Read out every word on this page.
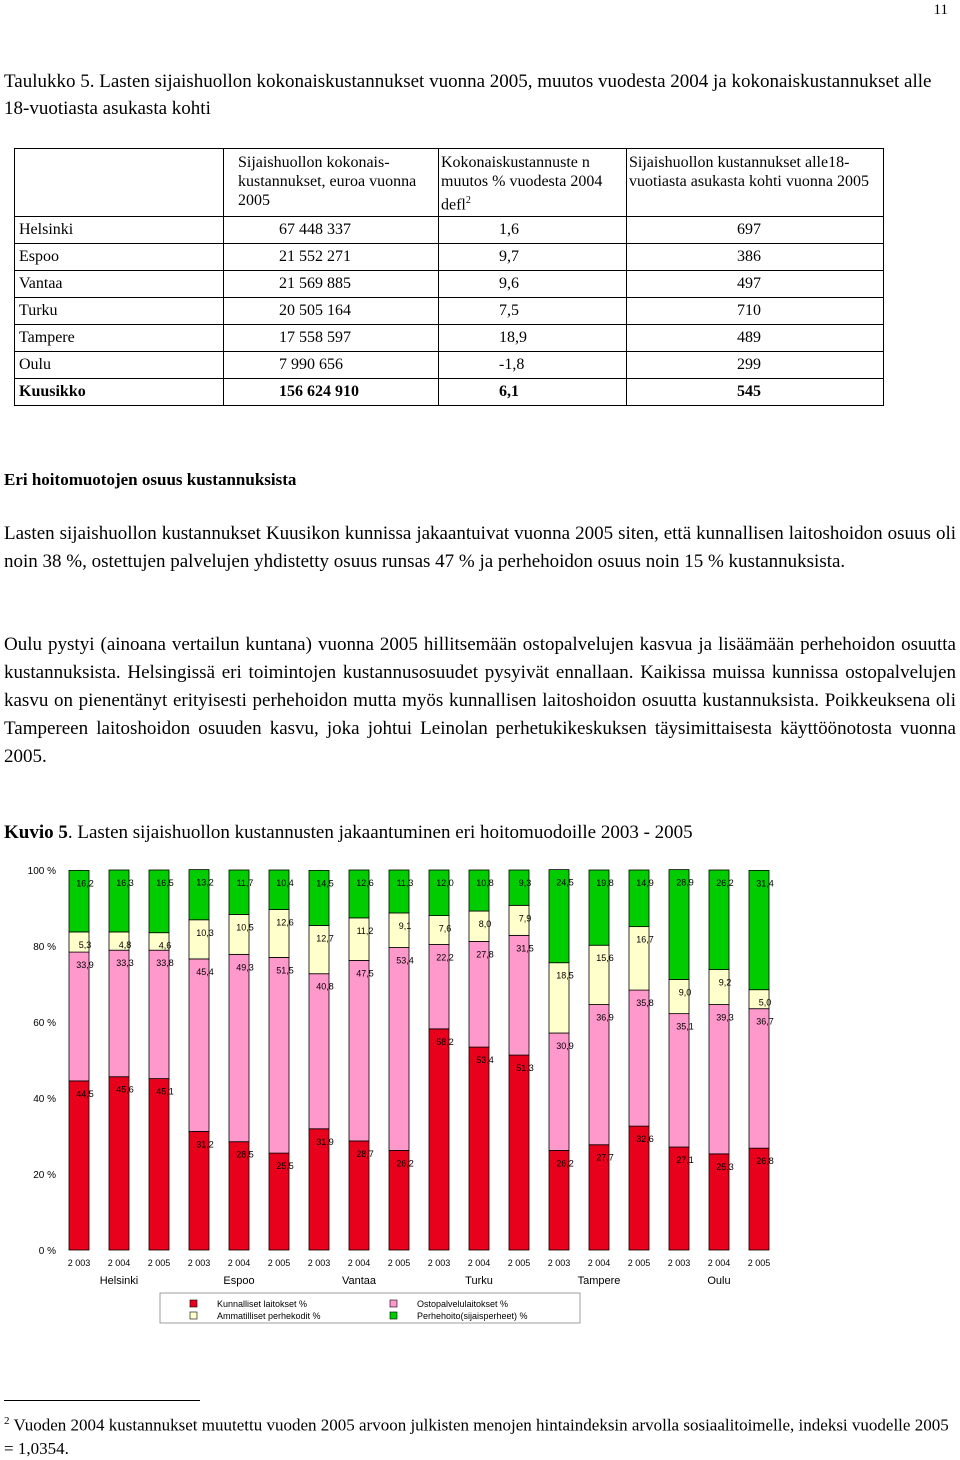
11
Taulukko 5. Lasten sijaishuollon kokonaiskustannukset vuonna 2005, muutos vuodesta 2004 ja kokonaiskustannukset alle 18-vuotiasta asukasta kohti
	Sijaishuollon kokonais-kustannukset, euroa vuonna 2005	Kokonaiskustannuste n muutos % vuodesta 2004 defl$^2$	Sijaishuollon kustannukset alle18-vuotiasta asukasta kohti vuonna 2005
Helsinki	67 448 337	1,6	697
Espoo	21 552 271	9,7	386
Vantaa	21 569 885	9,6	497
Turku	20 505 164	7,5	710
Tampere	17 558 597	18,9	489
Oulu	7 990 656	-1,8	299
Kuusikko	156 624 910	6,1	545
Eri hoitomuotojen osuus kustannuksista
Lasten sijaishuollon kustannukset Kuusikon kunnissa jakaantuivat vuonna 2005 siten, että kunnallisen laitoshoidon osuus oli noin 38 %, ostettujen palvelujen yhdistetty osuus runsas 47 % ja perhehoidon osuus noin 15 % kustannuksista.
Oulu pystyi (ainoana vertailun kuntana) vuonna 2005 hillitsemään ostopalvelujen kasvua ja lisäämään perhehoidon osuutta kustannuksista. Helsingissä eri toimintojen kustannusosuudet pysyivät ennallaan. Kaikissa muissa kunnissa ostopalvelujen kasvu on pienentänyt erityisesti perhehoidon mutta myös kunnallisen laitoshoidon osuutta kustannuksista. Poikkeuksena oli Tampereen laitoshoidon osuuden kasvu, joka johtui Leinolan perhetukikeskuksen täysimittaisesta käyttöönotosta vuonna 2005.
Kuvio 5. Lasten sijaishuollon kustannusten jakaantuminen eri hoitomuodoille 2003 - 2005
0 %
20 %
40 %
60 %
80 %
100 %
44,5
33,9
5,3
16,2
2 003
45,6
33,3
4,8
16,3
2 004
45,1
33,8
4,6
16,5
2 005
Helsinki
31,2
45,4
10,3
13,2
2 003
28,5
49,3
10,5
11,7
2 004
25,5
51,5
12,6
10,4
2 005
Espoo
31,9
40,8
12,7
14,5
2 003
28,7
47,5
11,2
12,6
2 004
26,2
53,4
9,1
11,3
2 005
Vantaa
58,2
22,2
7,6
12,0
2 003
53,4
27,8
8,0
10,8
2 004
51,3
31,5
7,9
9,3
2 005
Turku
26,2
30,9
18,5
24,5
2 003
27,7
36,9
15,6
19,8
2 004
32,6
35,8
16,7
14,9
2 005
Tampere
27,1
35,1
9,0
28,9
2 003
25,3
39,3
9,2
26,2
2 004
26,8
36,7
5,0
31,4
2 005
Oulu
Kunnalliset laitokset %	Ostopalvelulaitokset %
Ammatilliset perhekodit %	Perhehoito(sijaisperheet) %
$^2$ Vuoden 2004 kustannukset muutettu vuoden 2005 arvoon julkisten menojen hintaindeksin arvolla sosiaalitoimelle, indeksi vuodelle 2005 = 1,0354.
